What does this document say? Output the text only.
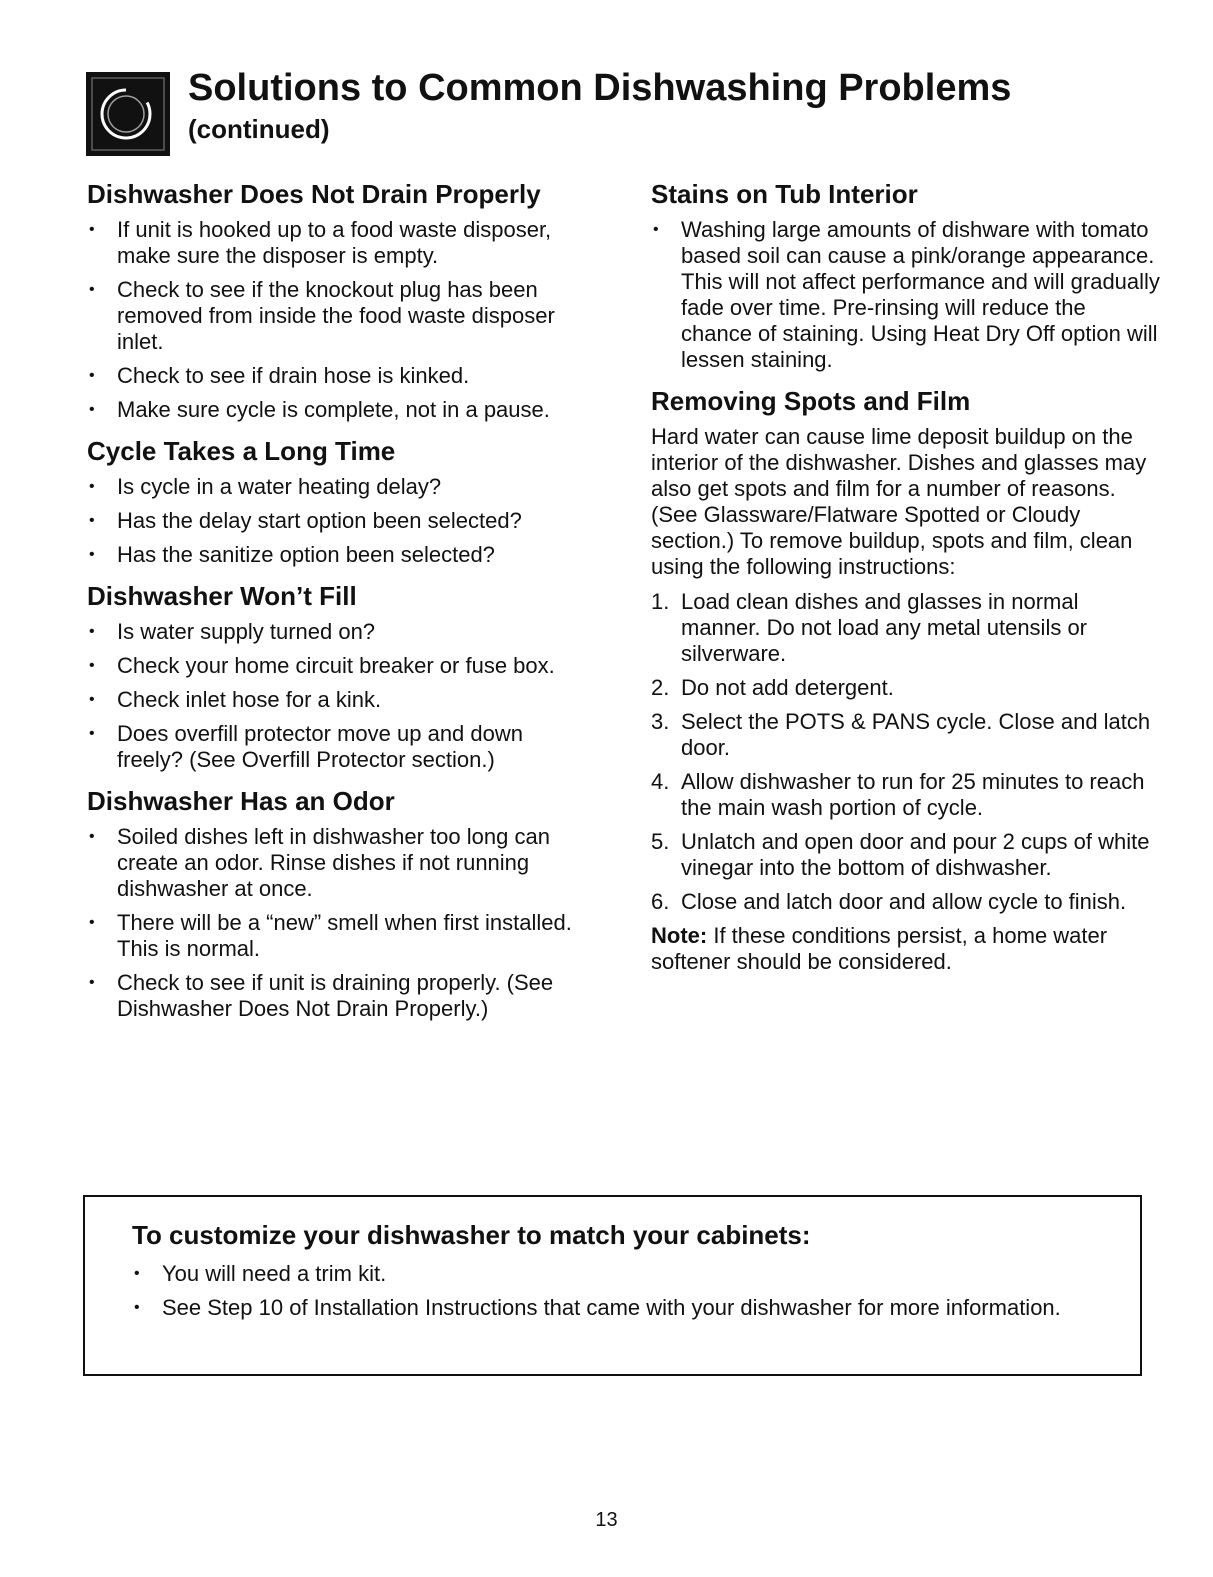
Solutions to Common Dishwashing Problems
(continued)
Dishwasher Does Not Drain Properly
•	If unit is hooked up to a food waste disposer, make sure the disposer is empty.
•	Check to see if the knockout plug has been removed from inside the food waste disposer inlet.
•	Check to see if drain hose is kinked.
•	Make sure cycle is complete, not in a pause.
Cycle Takes a Long Time
•	Is cycle in a water heating delay?
•	Has the delay start option been selected?
•	Has the sanitize option been selected?
Dishwasher Won’t Fill
•	Is water supply turned on?
•	Check your home circuit breaker or fuse box.
•	Check inlet hose for a kink.
•	Does overfill protector move up and down freely? (See Overfill Protector section.)
Dishwasher Has an Odor
•	Soiled dishes left in dishwasher too long can create an odor. Rinse dishes if not running dishwasher at once.
•	There will be a “new” smell when first installed. This is normal.
•	Check to see if unit is draining properly. (See Dishwasher Does Not Drain Properly.)
Stains on Tub Interior
•	Washing large amounts of dishware with tomato based soil can cause a pink/orange appearance. This will not affect performance and will gradually fade over time. Pre-rinsing will reduce the chance of staining. Using Heat Dry Off option will lessen staining.
Removing Spots and Film

Hard water can cause lime deposit buildup on the interior of the dishwasher. Dishes and glasses may also get spots and film for a number of reasons. (See Glassware/Flatware Spotted or Cloudy section.) To remove buildup, spots and film, clean using the following instructions:

1. Load clean dishes and glasses in normal manner. Do not load any metal utensils or silverware.
2. Do not add detergent.
3. Select the POTS & PANS cycle. Close and latch door.
4. Allow dishwasher to run for 25 minutes to reach the main wash portion of cycle.
5. Unlatch and open door and pour 2 cups of white vinegar into the bottom of dishwasher.
6. Close and latch door and allow cycle to finish.

Note: If these conditions persist, a home water softener should be considered.

To customize your dishwasher to match your cabinets:
•	You will need a trim kit.
•	See Step 10 of Installation Instructions that came with your dishwasher for more information.
13
